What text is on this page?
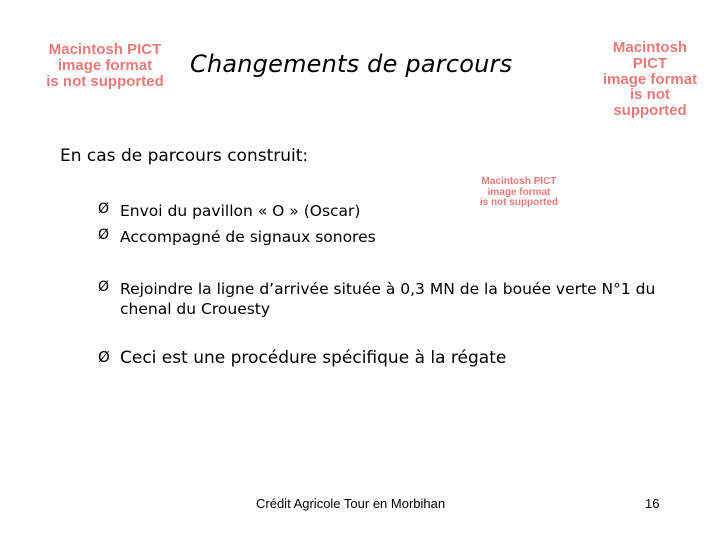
Macintosh PICT
image format
is not supported
Changements de parcours
Macintosh PICT
image format
is not supported
En cas de parcours construit:
Macintosh PICT
image format
is not supported
Ø Envoi du pavillon « O » (Oscar)
Ø Accompagné de signaux sonores
Ø Rejoindre la ligne d’arrivée située à 0,3 MN de la bouée verte N°1 du chenal du Crouesty
Ø Ceci est une procédure spécifique à la régate
Crédit Agricole Tour en Morbihan	16
